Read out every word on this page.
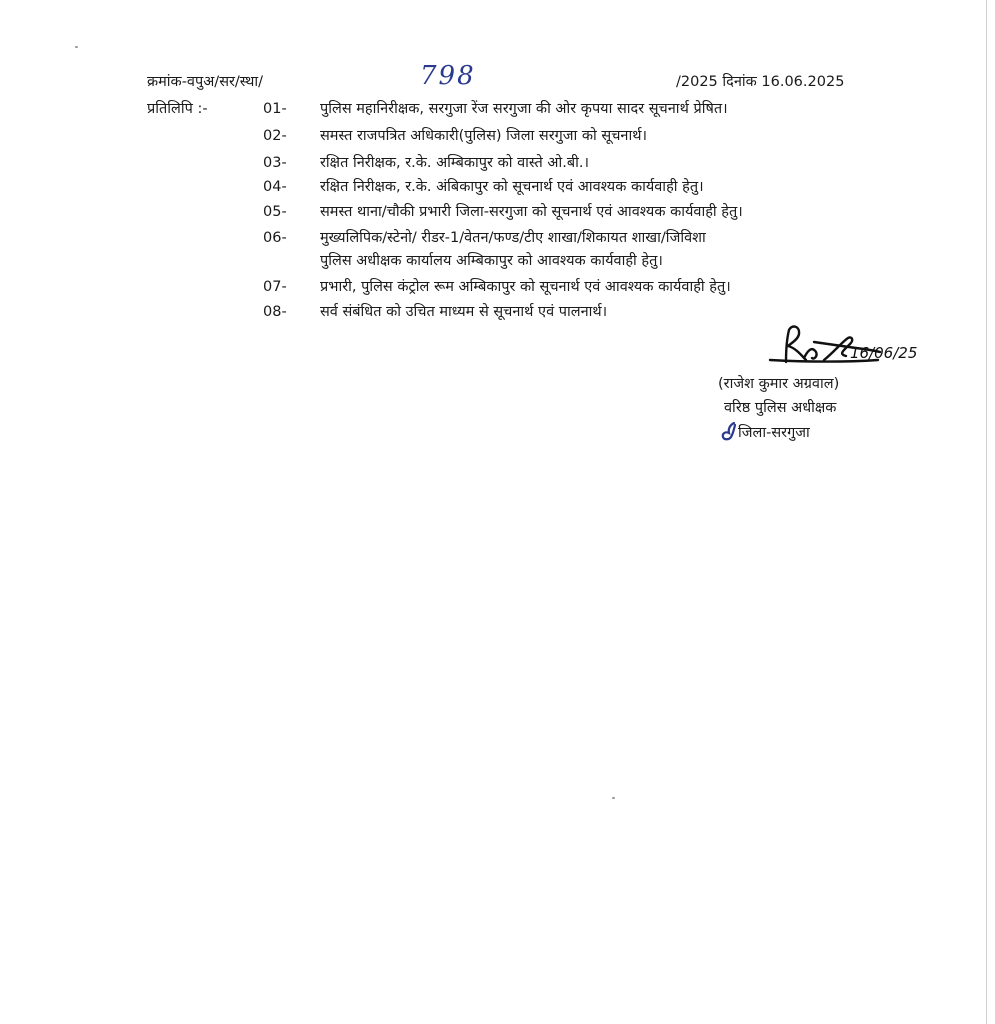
क्रमांक-वपुअ/सर/स्था/	798	/2025 दिनांक 16.06.2025
प्रतिलिपि :-	01- पुलिस महानिरीक्षक, सरगुजा रेंज सरगुजा की ओर कृपया सादर सूचनार्थ प्रेषित।
02- समस्त राजपत्रित अधिकारी(पुलिस) जिला सरगुजा को सूचनार्थ।
03- रक्षित निरीक्षक, र.के. अम्बिकापुर को वास्ते ओ.बी.।
04- रक्षित निरीक्षक, र.के. अंबिकापुर को सूचनार्थ एवं आवश्यक कार्यवाही हेतु।
05- समस्त थाना/चौकी प्रभारी जिला-सरगुजा को सूचनार्थ एवं आवश्यक कार्यवाही हेतु।
06- मुख्यलिपिक/स्टेनो/ रीडर-1/वेतन/फण्ड/टीए शाखा/शिकायत शाखा/जिविशा
पुलिस अधीक्षक कार्यालय अम्बिकापुर को आवश्यक कार्यवाही हेतु।
07- प्रभारी, पुलिस कंट्रोल रूम अम्बिकापुर को सूचनार्थ एवं आवश्यक कार्यवाही हेतु।
08- सर्व संबंधित को उचित माध्यम से सूचनार्थ एवं पालनार्थ।
16/06/25
(राजेश कुमार अग्रवाल)
वरिष्ठ पुलिस अधीक्षक
जिला-सरगुजा
